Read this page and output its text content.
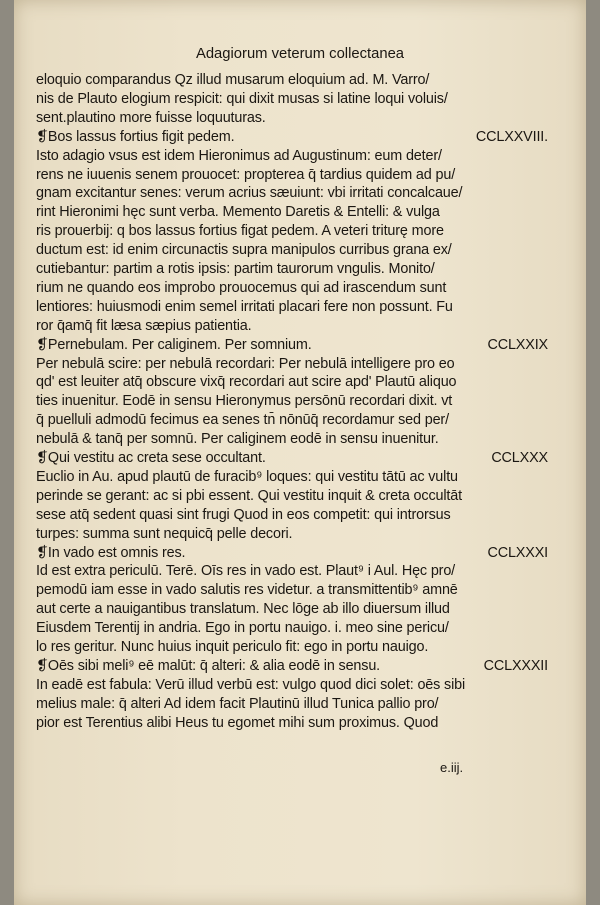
Adagiorum veterum collectanea
eloquio comparandus Qz illud musarum eloquium ad. M. Varro/
nis de Plauto elogium respicit: qui dixit musas si latine loqui voluis/
sent.plautino more fuisse loquuturas.
❡Bos lassus fortius figit pedem.	CCLXXVIII.
Isto adagio vsus est idem Hieronimus ad Augustinum: eum deter/
rens ne iuuenis senem prouocet: propterea q̄ tardius quidem ad pu/
gnam excitantur senes: verum acrius sæuiunt: vbi irritati concalcaue/
rint Hieronimi hęc sunt verba. Memento Daretis & Entelli: & vulga
ris prouerbij: q bos lassus fortius figat pedem. A veteri triturę more
ductum est: id enim circunactis supra manipulos curribus grana ex/
cutiebantur: partim a rotis ipsis: partim taurorum vngulis. Monito/
rium ne quando eos improbo prouocemus qui ad irascendum sunt
lentiores: huiusmodi enim semel irritati placari fere non possunt. Fu
ror q̄amq̄ fit læsa sæpius patientia.
❡Pernebulam. Per caliginem. Per somnium.	CCLXXIX
Per nebulā scire: per nebulā recordari: Per nebulā intelligere pro eo
qd' est leuiter atq̄ obscure vixq̄ recordari aut scire apd' Plautū aliquo
ties inuenitur. Eodē in sensu Hieronymus persōnū recordari dixit. vt
q̄ puelluli admodū fecimus ea senes tn̄ nōnūq̄ recordamur sed per/
nebulā & tanq̄ per somnū. Per caliginem eodē in sensu inuenitur.
❡Qui vestitu ac creta sese occultant.	CCLXXX
Euclio in Au. apud plautū de furacib⁹ loques: qui vestitu tātū ac vultu
perinde se gerant: ac si pbi essent. Qui vestitu inquit & creta occultāt
sese atq̄ sedent quasi sint frugi Quod in eos competit: qui introrsus
turpes: summa sunt nequicq̄ pelle decori.
❡In vado est omnis res.	CCLXXXI
Id est extra periculū. Terē. Oīs res in vado est. Plaut⁹ i Aul. Hęc pro/
pemodū iam esse in vado salutis res videtur. a transmittentib⁹ amnē
aut certe a nauigantibus translatum. Nec lōge ab illo diuersum illud
Eiusdem Terentij in andria. Ego in portu nauigo. i. meo sine pericu/
lo res geritur. Nunc huius inquit periculo fit: ego in portu nauigo.
❡Oēs sibi meli⁹ eē malūt: q̄ alteri: & alia eodē in sensu.	CCLXXXII
In eadē est fabula: Verū illud verbū est: vulgo quod dici solet: oēs sibi
melius male: q̄ alteri Ad idem facit Plautinū illud Tunica pallio pro/
pior est Terentius alibi Heus tu egomet mihi sum proximus. Quod
e.iij.
